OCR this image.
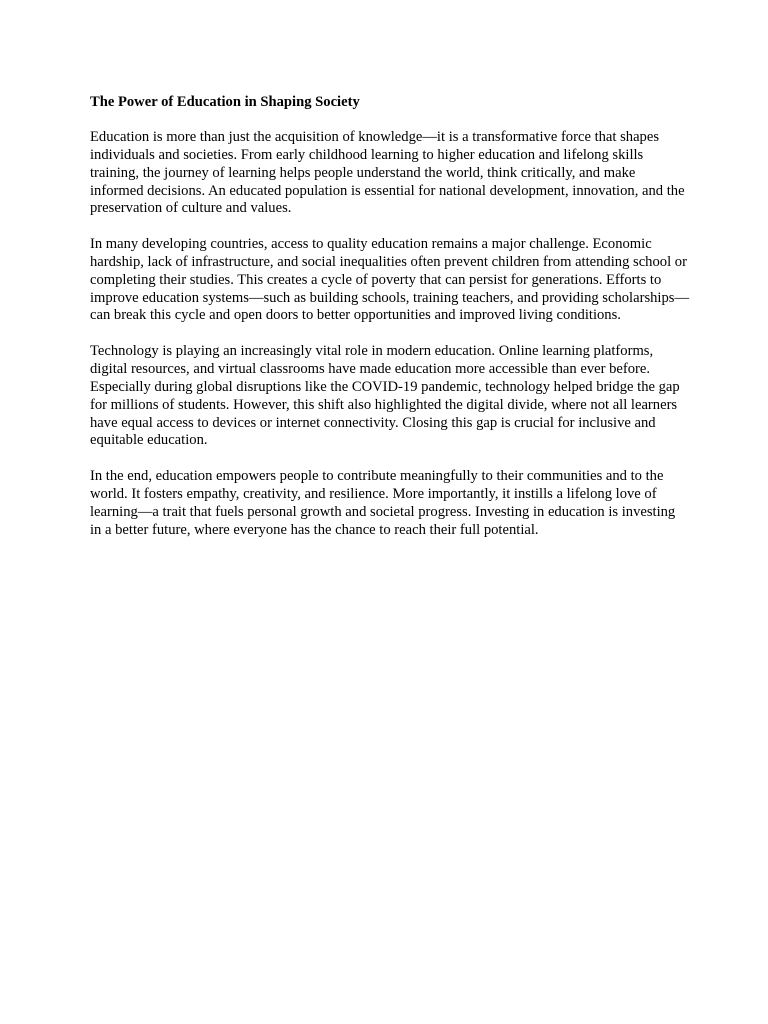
The Power of Education in Shaping Society

Education is more than just the acquisition of knowledge—it is a transformative force that shapes individuals and societies. From early childhood learning to higher education and lifelong skills training, the journey of learning helps people understand the world, think critically, and make informed decisions. An educated population is essential for national development, innovation, and the preservation of culture and values.

In many developing countries, access to quality education remains a major challenge. Economic hardship, lack of infrastructure, and social inequalities often prevent children from attending school or completing their studies. This creates a cycle of poverty that can persist for generations. Efforts to improve education systems—such as building schools, training teachers, and providing scholarships—can break this cycle and open doors to better opportunities and improved living conditions.

Technology is playing an increasingly vital role in modern education. Online learning platforms, digital resources, and virtual classrooms have made education more accessible than ever before. Especially during global disruptions like the COVID-19 pandemic, technology helped bridge the gap for millions of students. However, this shift also highlighted the digital divide, where not all learners have equal access to devices or internet connectivity. Closing this gap is crucial for inclusive and equitable education.

In the end, education empowers people to contribute meaningfully to their communities and to the world. It fosters empathy, creativity, and resilience. More importantly, it instills a lifelong love of learning—a trait that fuels personal growth and societal progress. Investing in education is investing in a better future, where everyone has the chance to reach their full potential.
